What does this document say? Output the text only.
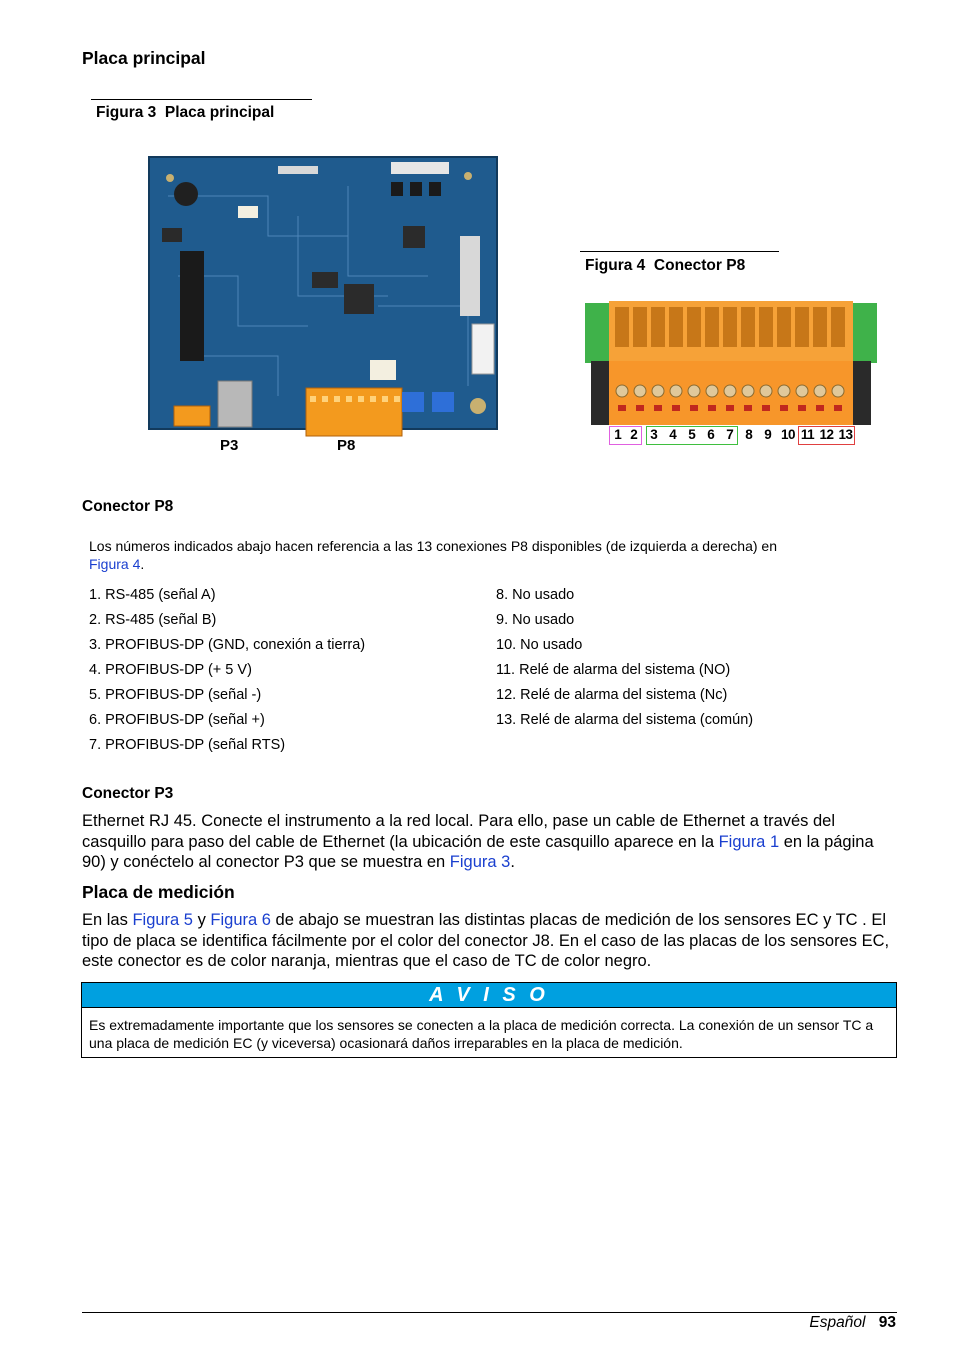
Placa principal
Figura 3  Placa principal
P3	P8
Figura 4  Conector P8
1 2 3 4 5 6 7 8 9 10 11 12 13
Conector P8
Los números indicados abajo hacen referencia a las 13 conexiones P8 disponibles (de izquierda a derecha) en
Figura 4.
1. RS-485 (señal A)
2. RS-485 (señal B)
3. PROFIBUS-DP (GND, conexión a tierra)
4. PROFIBUS-DP (+ 5 V)
5. PROFIBUS-DP (señal -)
6. PROFIBUS-DP (señal +)
7. PROFIBUS-DP (señal RTS)
8. No usado
9. No usado
10. No usado
11. Relé de alarma del sistema (NO)
12. Relé de alarma del sistema (Nc)
13. Relé de alarma del sistema (común)
Conector P3
Ethernet RJ 45. Conecte el instrumento a la red local. Para ello, pase un cable de Ethernet a través del casquillo para paso del cable de Ethernet (la ubicación de este casquillo aparece en la Figura 1 en la página 90) y conéctelo al conector P3 que se muestra en Figura 3.
Placa de medición
En las Figura 5 y Figura 6 de abajo se muestran las distintas placas de medición de los sensores EC y TC . El tipo de placa se identifica fácilmente por el color del conector J8. En el caso de las placas de los sensores EC, este conector es de color naranja, mientras que el caso de TC de color negro.
A V I S O
Es extremadamente importante que los sensores se conecten a la placa de medición correcta. La conexión de un sensor TC a una placa de medición EC (y viceversa) ocasionará daños irreparables en la placa de medición.
Español 93
